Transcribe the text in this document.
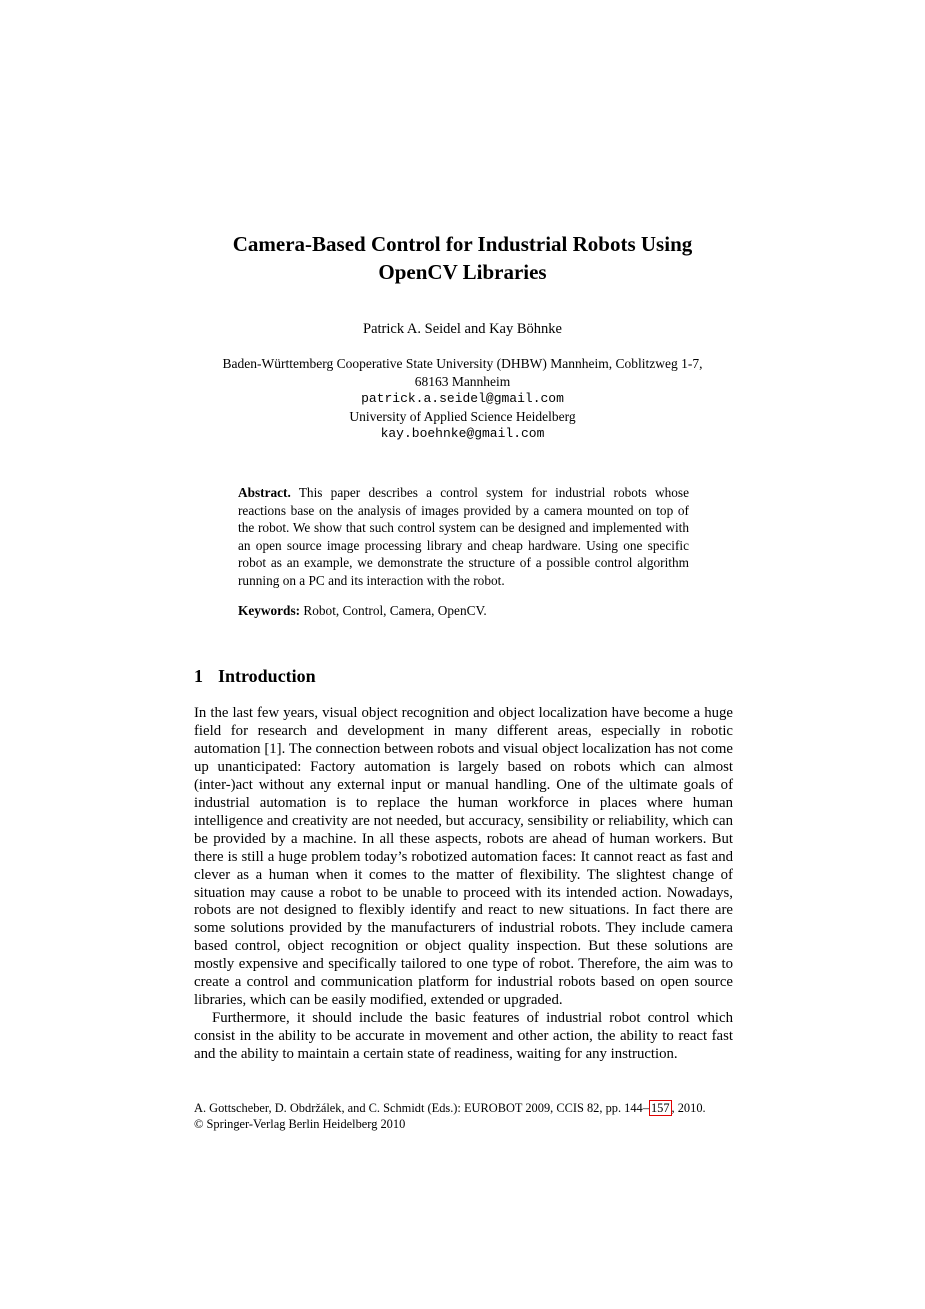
Camera-Based Control for Industrial Robots Using
OpenCV Libraries

Patrick A. Seidel and Kay Böhnke

Baden-Württemberg Cooperative State University (DHBW) Mannheim, Coblitzweg 1-7,
68163 Mannheim
patrick.a.seidel@gmail.com
University of Applied Science Heidelberg
kay.boehnke@gmail.com

Abstract. This paper describes a control system for industrial robots whose reactions base on the analysis of images provided by a camera mounted on top of the robot. We show that such control system can be designed and implemented with an open source image processing library and cheap hardware. Using one specific robot as an example, we demonstrate the structure of a possible control algorithm running on a PC and its interaction with the robot.

Keywords: Robot, Control, Camera, OpenCV.

1 Introduction

In the last few years, visual object recognition and object localization have become a huge field for research and development in many different areas, especially in robotic automation [1]. The connection between robots and visual object localization has not come up unanticipated: Factory automation is largely based on robots which can almost (inter-)act without any external input or manual handling. One of the ultimate goals of industrial automation is to replace the human workforce in places where human intelligence and creativity are not needed, but accuracy, sensibility or reliability, which can be provided by a machine. In all these aspects, robots are ahead of human workers. But there is still a huge problem today’s robotized automation faces: It cannot react as fast and clever as a human when it comes to the matter of flexibility. The slightest change of situation may cause a robot to be unable to proceed with its intended action. Nowadays, robots are not designed to flexibly identify and react to new situations. In fact there are some solutions provided by the manufacturers of industrial robots. They include camera based control, object recognition or object quality inspection. But these solutions are mostly expensive and specifically tailored to one type of robot. Therefore, the aim was to create a control and communication platform for industrial robots based on open source libraries, which can be easily modified, extended or upgraded.

Furthermore, it should include the basic features of industrial robot control which consist in the ability to be accurate in movement and other action, the ability to react fast and the ability to maintain a certain state of readiness, waiting for any instruction.

A. Gottscheber, D. Obdržálek, and C. Schmidt (Eds.): EUROBOT 2009, CCIS 82, pp. 144– 157 , 2010.
© Springer-Verlag Berlin Heidelberg 2010
